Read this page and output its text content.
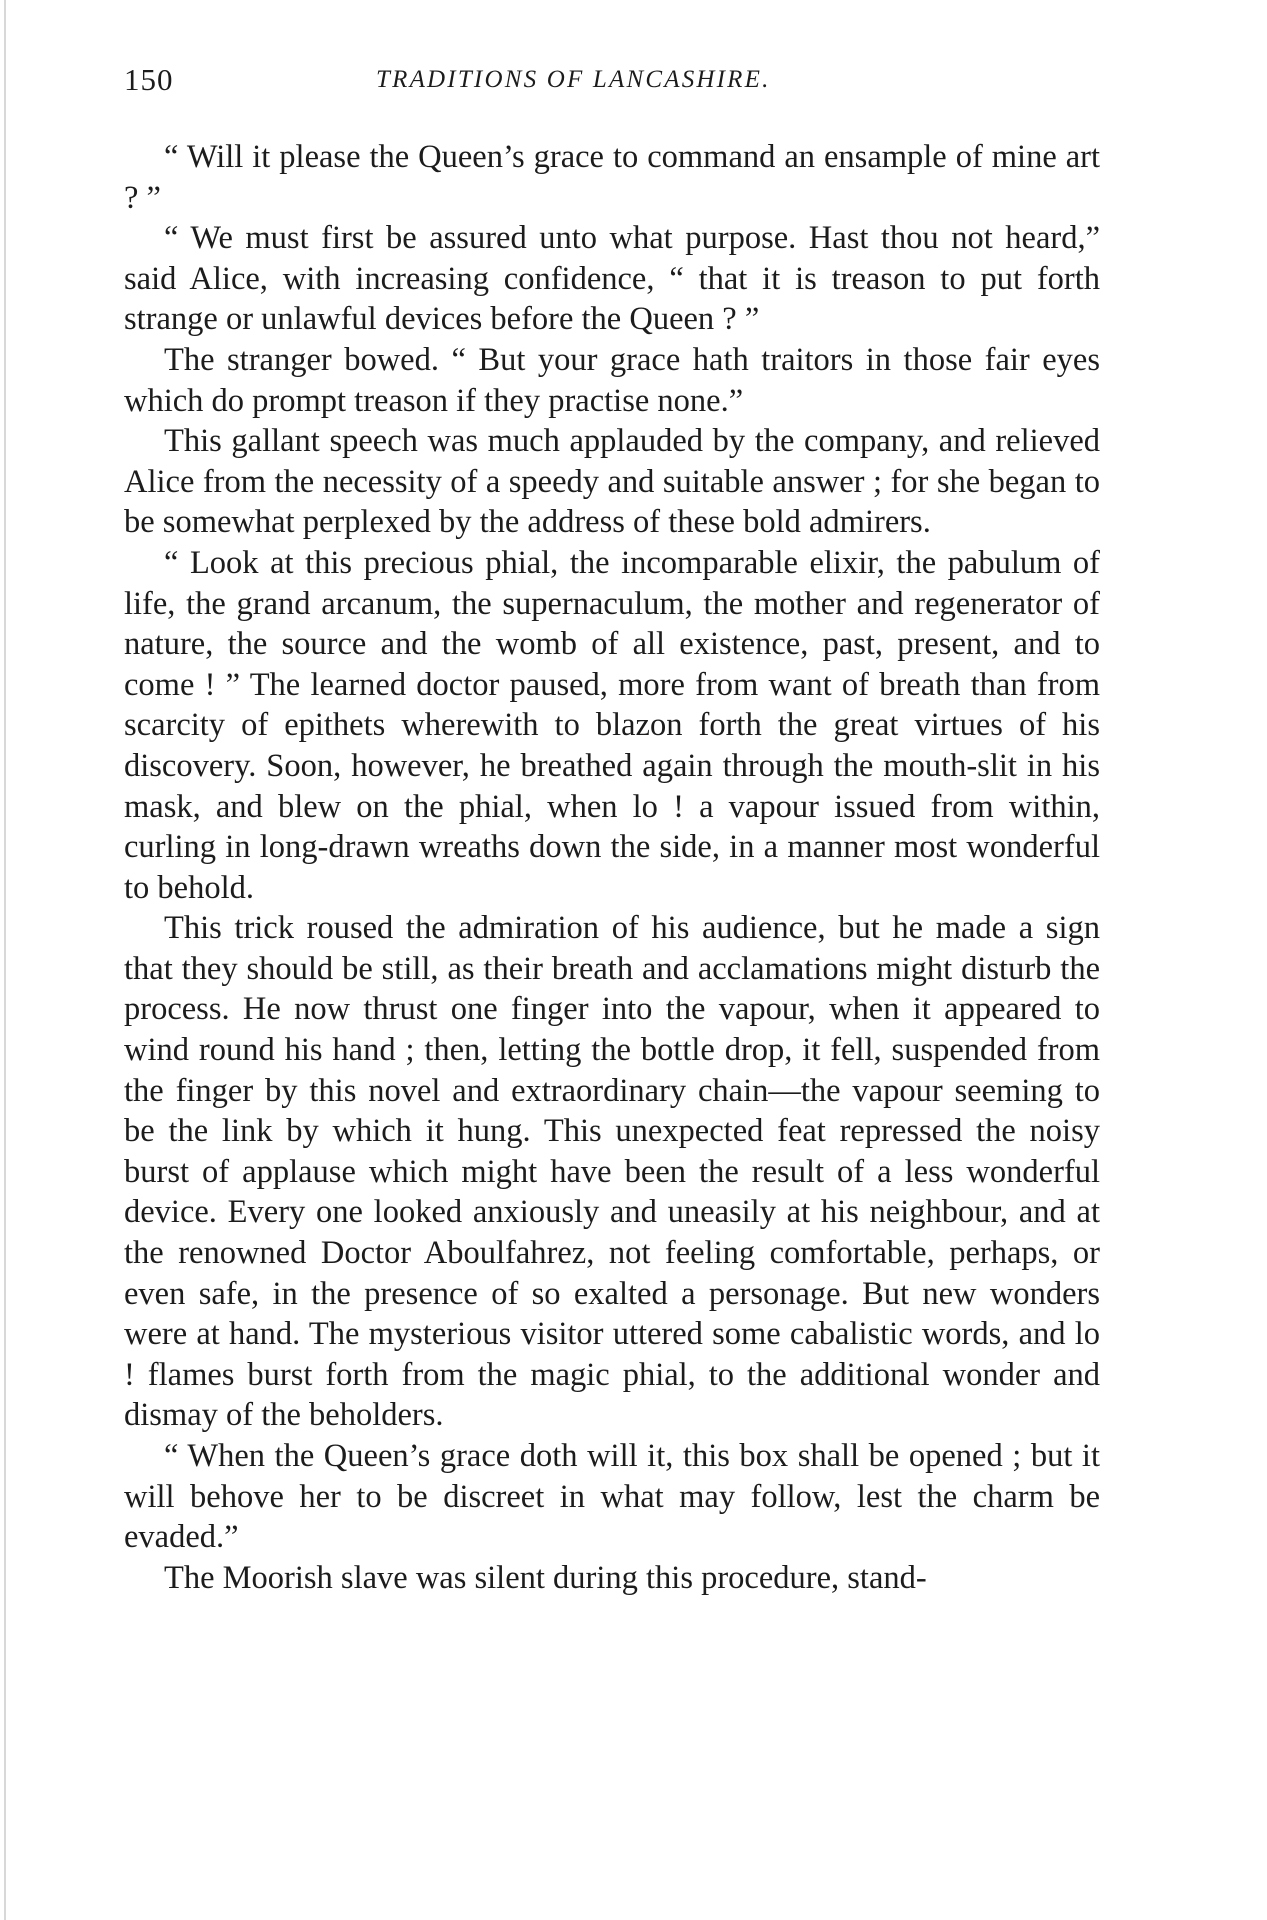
150	TRADITIONS OF LANCASHIRE.

“ Will it please the Queen’s grace to command an ensample of mine art ? ”

“ We must first be assured unto what purpose. Hast thou not heard,” said Alice, with increasing confidence, “ that it is treason to put forth strange or unlawful devices before the Queen ? ”

The stranger bowed. “ But your grace hath traitors in those fair eyes which do prompt treason if they practise none.”

This gallant speech was much applauded by the company, and relieved Alice from the necessity of a speedy and suitable answer ; for she began to be somewhat perplexed by the address of these bold admirers.

“ Look at this precious phial, the incomparable elixir, the pabulum of life, the grand arcanum, the supernaculum, the mother and regenerator of nature, the source and the womb of all existence, past, present, and to come ! ” The learned doctor paused, more from want of breath than from scarcity of epithets wherewith to blazon forth the great virtues of his discovery. Soon, however, he breathed again through the mouth-slit in his mask, and blew on the phial, when lo ! a vapour issued from within, curling in long-drawn wreaths down the side, in a manner most wonderful to behold.

This trick roused the admiration of his audience, but he made a sign that they should be still, as their breath and acclamations might disturb the process. He now thrust one finger into the vapour, when it appeared to wind round his hand ; then, letting the bottle drop, it fell, suspended from the finger by this novel and extraordinary chain—the vapour seeming to be the link by which it hung. This unexpected feat repressed the noisy burst of applause which might have been the result of a less wonderful device. Every one looked anxiously and uneasily at his neighbour, and at the renowned Doctor Aboulfahrez, not feeling comfortable, perhaps, or even safe, in the presence of so exalted a personage. But new wonders were at hand. The mysterious visitor uttered some cabalistic words, and lo ! flames burst forth from the magic phial, to the additional wonder and dismay of the beholders.

“ When the Queen’s grace doth will it, this box shall be opened ; but it will behove her to be discreet in what may follow, lest the charm be evaded.”

The Moorish slave was silent during this procedure, stand-
